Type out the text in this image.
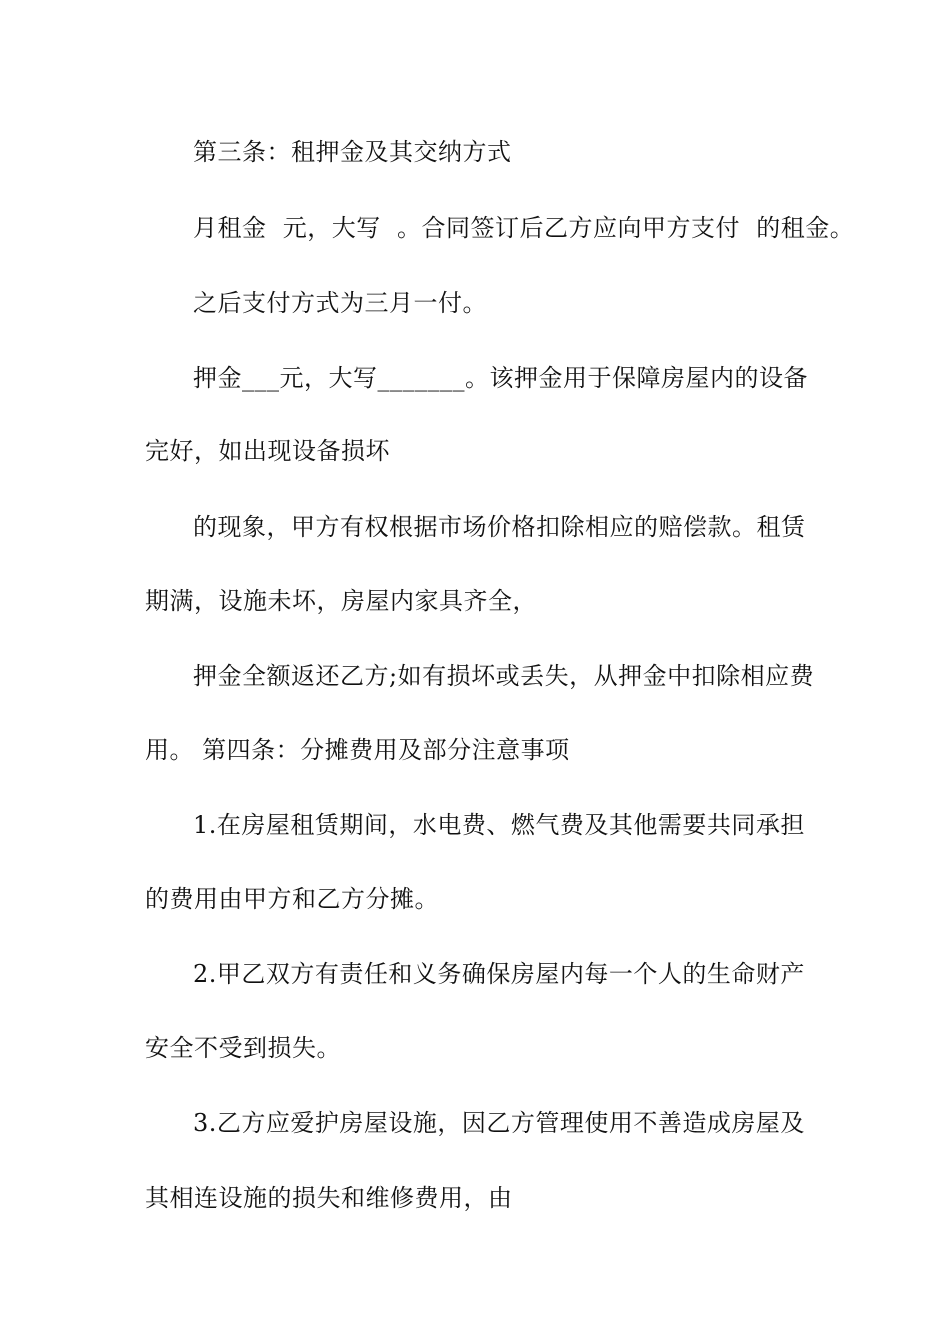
第三条：租押金及其交纳方式
月租金  元，大写  。合同签订后乙方应向甲方支付  的租金。
之后支付方式为三月一付。
押金___元，大写_______。该押金用于保障房屋内的设备
完好，如出现设备损坏
的现象，甲方有权根据市场价格扣除相应的赔偿款。租赁
期满，设施未坏，房屋内家具齐全，
押金全额返还乙方;如有损坏或丢失，从押金中扣除相应费
用。 第四条：分摊费用及部分注意事项
1.在房屋租赁期间，水电费、燃气费及其他需要共同承担
的费用由甲方和乙方分摊。
2.甲乙双方有责任和义务确保房屋内每一个人的生命财产
安全不受到损失。
3.乙方应爱护房屋设施，因乙方管理使用不善造成房屋及
其相连设施的损失和维修费用，由
